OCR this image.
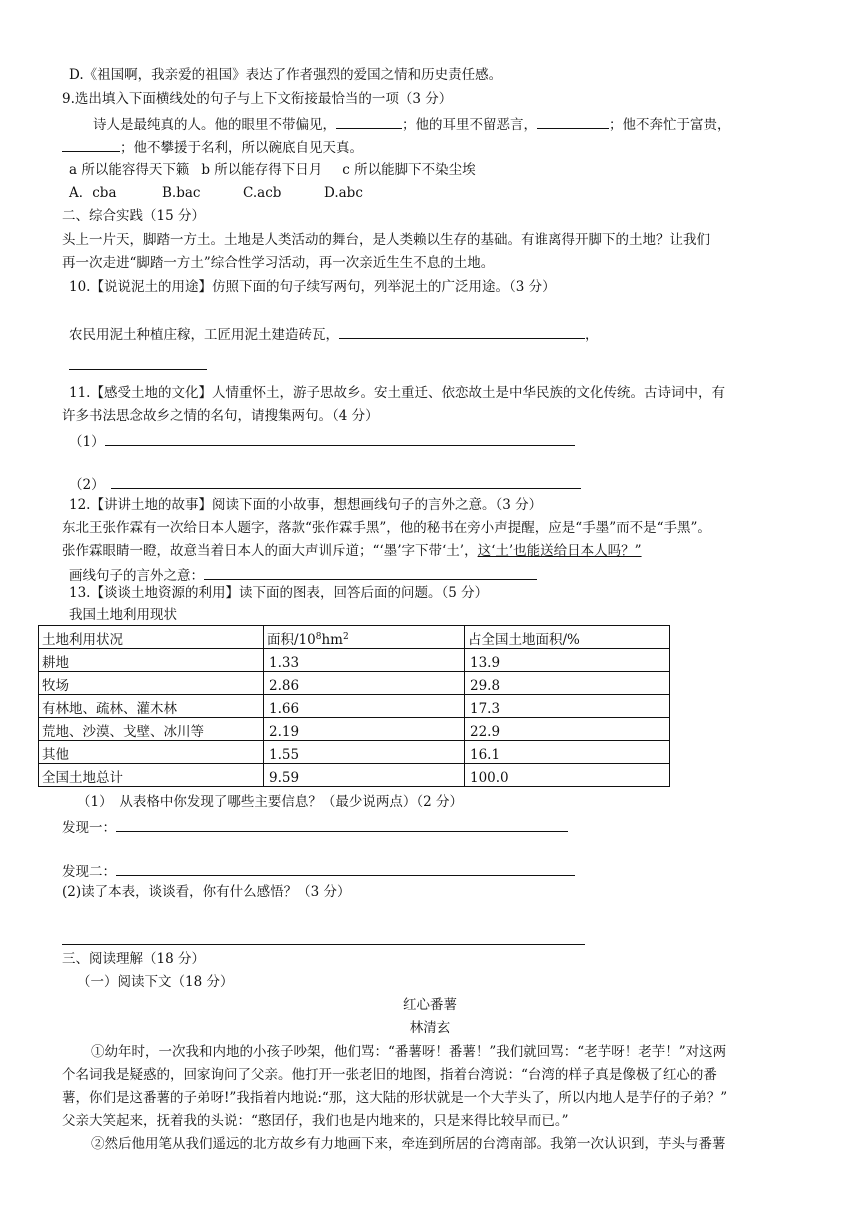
D.《祖国啊，我亲爱的祖国》表达了作者强烈的爱国之情和历史责任感。
9.选出填入下面横线处的句子与上下文衔接最恰当的一项（3 分）
诗人是最纯真的人。他的眼里不带偏见，	；他的耳里不留恶言，	；他不奔忙于富贵，
；他不攀援于名利，所以碗底自见天真。
a 所以能容得天下籁 b 所以能存得下日月 c 所以能脚下不染尘埃
A．cba	B.bac	C.acb	D.abc
二、综合实践（15 分）
头上一片天，脚踏一方土。土地是人类活动的舞台，是人类赖以生存的基础。有谁离得开脚下的土地？让我们
再一次走进“脚踏一方土”综合性学习活动，再一次亲近生生不息的土地。
10.【说说泥土的用途】仿照下面的句子续写两句，列举泥土的广泛用途。（3 分）
农民用泥土种植庄稼，工匠用泥土建造砖瓦，	，
11.【感受土地的文化】人情重怀土，游子思故乡。安土重迁、依恋故土是中华民族的文化传统。古诗词中，有
许多书法思念故乡之情的名句，请搜集两句。（4 分）
（1）
（2）
12.【讲讲土地的故事】阅读下面的小故事，想想画线句子的言外之意。（3 分）
东北王张作霖有一次给日本人题字，落款“张作霖手黑”，他的秘书在旁小声提醒，应是“手墨”而不是“手黑”。
张作霖眼睛一瞪，故意当着日本人的面大声训斥道；“‘墨’字下带‘土’，这‘土’也能送给日本人吗？”
画线句子的言外之意：
13.【谈谈土地资源的利用】读下面的图表，回答后面的问题。（5 分）
我国土地利用现状
土地利用状况	面积$/10^8hm^2$	占全国土地面积/%
耕地	1.33	13.9
牧场	2.86	29.8
有林地、疏林、灌木林	1.66	17.3
荒地、沙漠、戈壁、冰川等	2.19	22.9
其他	1.55	16.1
全国土地总计	9.59	100.0
（1）　从表格中你发现了哪些主要信息？（最少说两点）（2 分）
发现一：
发现二：
(2)读了本表，谈谈看，你有什么感悟？（3 分）
三、阅读理解（18 分）
（一）阅读下文（18 分）
红心番薯
林清玄
①幼年时，一次我和内地的小孩子吵架，他们骂：“番薯呀！番薯！”我们就回骂：“老芋呀！老芋！”对这两
个名词我是疑惑的，回家询问了父亲。他打开一张老旧的地图，指着台湾说：“台湾的样子真是像极了红心的番
薯，你们是这番薯的子弟呀!”我指着内地说:“那，这大陆的形状就是一个大芋头了，所以内地人是芋仔的子弟？”
父亲大笑起来，抚着我的头说：“憨囝仔，我们也是内地来的，只是来得比较早而已。”
②然后他用笔从我们遥远的北方故乡有力地画下来，牵连到所居的台湾南部。我第一次认识到，芋头与番薯
